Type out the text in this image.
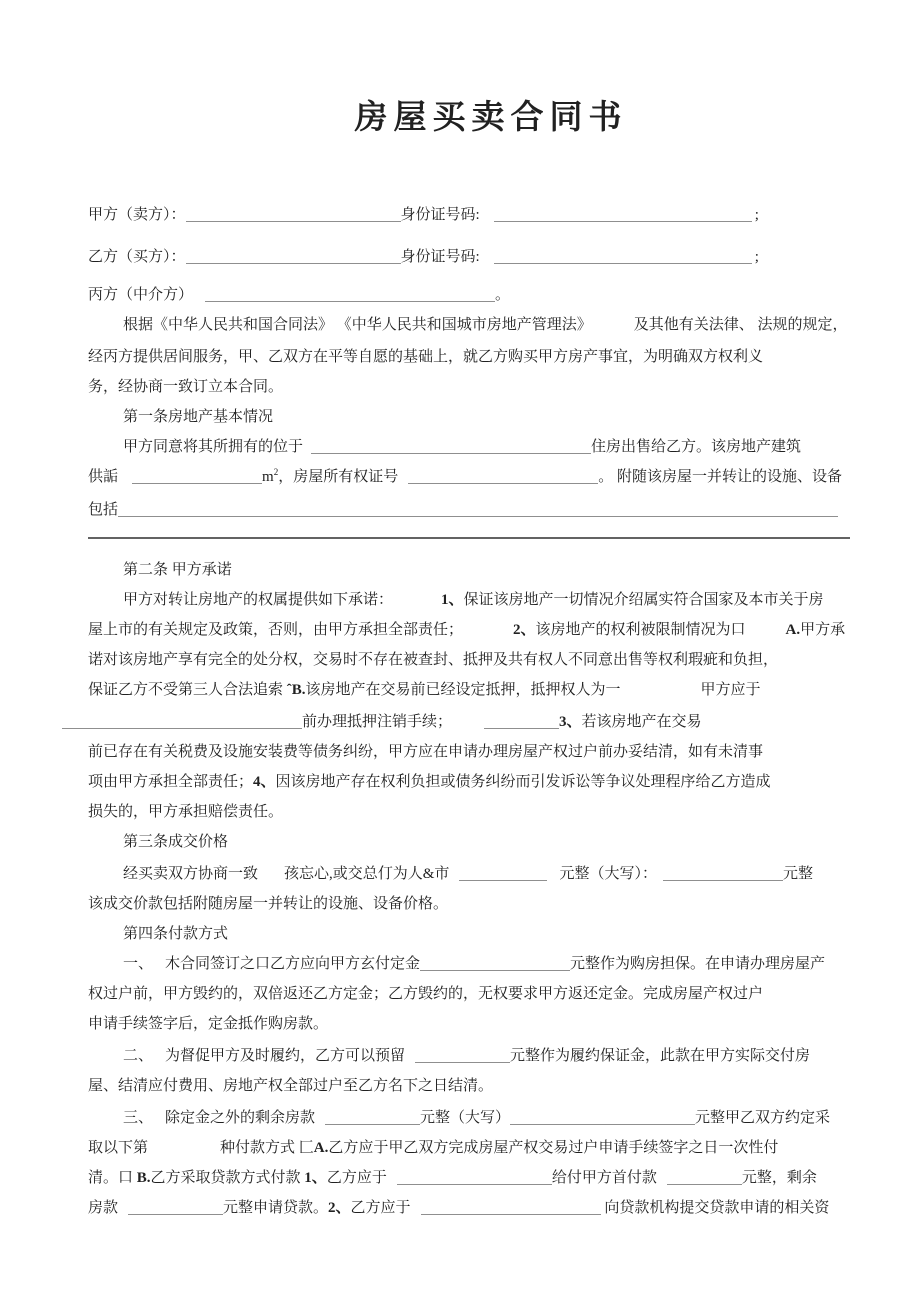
房屋买卖合同书
甲方（卖方）：	身份证号码:	;
乙方（买方）：	身份证号码:	;
丙方（中介方）	。
根据《中华人民共和国合同法》 《中华人民共和国城市房地产管理法》	及其他有关法律、 法规的规定，
经丙方提供居间服务，甲、乙双方在平等自愿的基础上，就乙方购买甲方房产事宜，为明确双方权利义
务，经协商一致订立本合同。
第一条房地产基本情况
甲方同意将其所拥有的位于	住房出售给乙方。该房地产建筑
供詬	$m^2$，房屋所有权证号	。 附随该房屋一并转让的设施、设备
包括
第二条 甲方承诺
甲方对转让房地产的权属提供如下承诺：	1、保证该房地产一切情况介绍属实符合国家及本市关于房
屋上市的有关规定及政策，否则，由甲方承担全部责任；	2、该房地产的权利被限制情况为口	A.甲方承
诺对该房地产享有完全的处分权，交易时不存在被查封、抵押及共有权人不同意出售等权利瑕疵和负担，
保证乙方不受第三人合法追索 ˆB.该房地产在交易前已经设定抵押，抵押权人为一	甲方应于
前办理抵押注销手续；	3、若该房地产在交易
前已存在有关税费及设施安装费等债务纠纷，甲方应在申请办理房屋产权过户前办妥结清，如有未清事
项由甲方承担全部责任；4、因该房地产存在权利负担或债务纠纷而引发诉讼等争议处理程序给乙方造成
损失的，甲方承担赔偿责任。
第三条成交价格
经买卖双方协商一致 孩忘心,或交总仃为人&市	元整（大写）：	元整
该成交价款包括附随房屋一并转让的设施、设备价格。
第四条付款方式
一、 木合同签订之口乙方应向甲方玄付定金	元整作为购房担保。在申请办理房屋产
权过户前，甲方毁约的，双倍返还乙方定金；乙方毁约的，无权要求甲方返还定金。完成房屋产权过户
申请手续签字后，定金抵作购房款。
二、 为督促甲方及时履约，乙方可以预留	元整作为履约保证金，此款在甲方实际交付房
屋、结清应付费用、房地产权全部过户至乙方名下之日结清。
三、 除定金之外的剩余房款	元整（大写）	元整甲乙双方约定采
取以下第	种付款方式 匚A.乙方应于甲乙双方完成房屋产权交易过户申请手续签字之日一次性付
清。口 B.乙方采取贷款方式付款 1、乙方应于	给付甲方首付款	元整，剩余
房款	元整申请贷款。2、乙方应于	向贷款机构提交贷款申请的相关资
